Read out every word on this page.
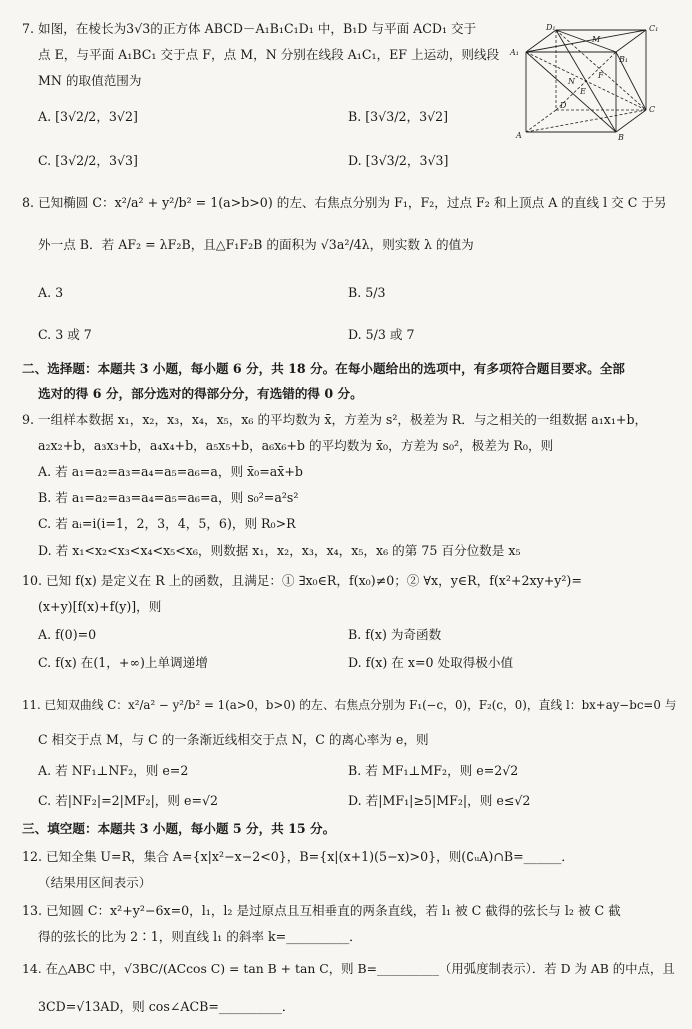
7. 如图，在棱长为3√3的正方体 ABCD－A₁B₁C₁D₁ 中，B₁D 与平面 ACD₁ 交于
点 E，与平面 A₁BC₁ 交于点 F，点 M，N 分别在线段 A₁C₁，EF 上运动，则线段
MN 的取值范围为
A. [3√2/2，3√2]	B. [3√3/2，3√2]
C. [3√2/2，3√3]	D. [3√3/2，3√3]
D₁	C₁
A₁
B₁
M
N
F
E
D	C
A	B
8. 已知椭圆 C：x²/a² + y²/b² = 1(a>b>0) 的左、右焦点分别为 F₁，F₂，过点 F₂ 和上顶点 A 的直线 l 交 C 于另
外一点 B．若 AF₂ = λF₂B，且△F₁F₂B 的面积为 √3a²/4λ，则实数 λ 的值为
A. 3	B. 5/3
C. 3 或 7	D. 5/3 或 7
二、选择题：本题共 3 小题，每小题 6 分，共 18 分。在每小题给出的选项中，有多项符合题目要求。全部
选对的得 6 分，部分选对的得部分分，有选错的得 0 分。
9. 一组样本数据 x₁，x₂，x₃，x₄，x₅，x₆ 的平均数为 x̄，方差为 s²，极差为 R．与之相关的一组数据 a₁x₁+b，
a₂x₂+b，a₃x₃+b，a₄x₄+b，a₅x₅+b，a₆x₆+b 的平均数为 x̄₀，方差为 s₀²，极差为 R₀，则
A. 若 a₁=a₂=a₃=a₄=a₅=a₆=a，则 x̄₀=ax̄+b
B. 若 a₁=a₂=a₃=a₄=a₅=a₆=a，则 s₀²=a²s²
C. 若 aᵢ=i(i=1，2，3，4，5，6)，则 R₀>R
D. 若 x₁<x₂<x₃<x₄<x₅<x₆，则数据 x₁，x₂，x₃，x₄，x₅，x₆ 的第 75 百分位数是 x₅
10. 已知 f(x) 是定义在 R 上的函数，且满足：① ∃x₀∈R，f(x₀)≠0；② ∀x，y∈R，f(x²+2xy+y²)=
(x+y)[f(x)+f(y)]，则
A. f(0)=0	B. f(x) 为奇函数
C. f(x) 在(1，+∞)上单调递增	D. f(x) 在 x=0 处取得极小值
11. 已知双曲线 C：x²/a² − y²/b² = 1(a>0，b>0) 的左、右焦点分别为 F₁(−c，0)，F₂(c，0)，直线 l：bx+ay−bc=0 与
C 相交于点 M，与 C 的一条渐近线相交于点 N，C 的离心率为 e，则
A. 若 NF₁⊥NF₂，则 e=2	B. 若 MF₁⊥MF₂，则 e=2√2
C. 若|NF₂|=2|MF₂|，则 e=√2	D. 若|MF₁|≥5|MF₂|，则 e≤√2
三、填空题：本题共 3 小题，每小题 5 分，共 15 分。
12. 已知全集 U=R，集合 A={x|x²−x−2<0}，B={x|(x+1)(5−x)>0}，则(∁ᵤA)∩B=______．
（结果用区间表示）
13. 已知圆 C：x²+y²−6x=0，l₁，l₂ 是过原点且互相垂直的两条直线，若 l₁ 被 C 截得的弦长与 l₂ 被 C 截
得的弦长的比为 2∶1，则直线 l₁ 的斜率 k=__________．
14. 在△ABC 中，√3BC/(ACcos C) = tan B + tan C，则 B=__________（用弧度制表示）．若 D 为 AB 的中点，且
3CD=√13AD，则 cos∠ACB=__________．
